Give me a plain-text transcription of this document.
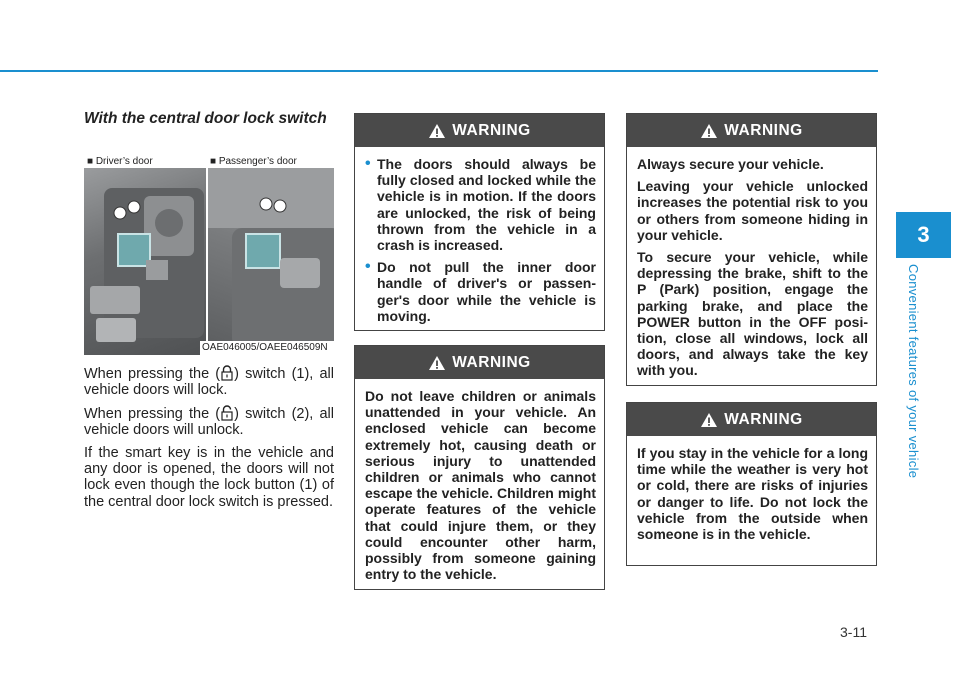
3
Convenient features of your vehicle
With the central door lock switch
■ Driver’s door	■ Passenger’s door
OAE046005/OAEE046509N

When pressing the ( ) switch (1), all vehicle doors will lock.

When pressing the ( ) switch (2), all vehicle doors will unlock.

If the smart key is in the vehicle and any door is opened, the doors will not lock even though the lock button (1) of the central door lock switch is pressed.

WARNING
• The doors should always be fully closed and locked while the vehicle is in motion. If the doors are unlocked, the risk of being thrown from the vehicle in a crash is increased.
• Do not pull the inner door handle of driver's or passen-ger's door while the vehicle is moving.
WARNING

Do not leave children or animals unattended in your vehicle. An enclosed vehicle can become extremely hot, causing death or serious injury to unattended children or animals who cannot escape the vehicle. Children might operate features of the vehicle that could injure them, or they could encounter other harm, possibly from someone gaining entry to the vehicle.

WARNING

Always secure your vehicle.

Leaving your vehicle unlocked increases the potential risk to you or others from someone hiding in your vehicle.

To secure your vehicle, while depressing the brake, shift to the P (Park) position, engage the parking brake, and place the POWER button in the OFF posi-tion, close all windows, lock all doors, and always take the key with you.

WARNING

If you stay in the vehicle for a long time while the weather is very hot or cold, there are risks of injuries or danger to life. Do not lock the vehicle from the outside when someone is in the vehicle.

3-11
